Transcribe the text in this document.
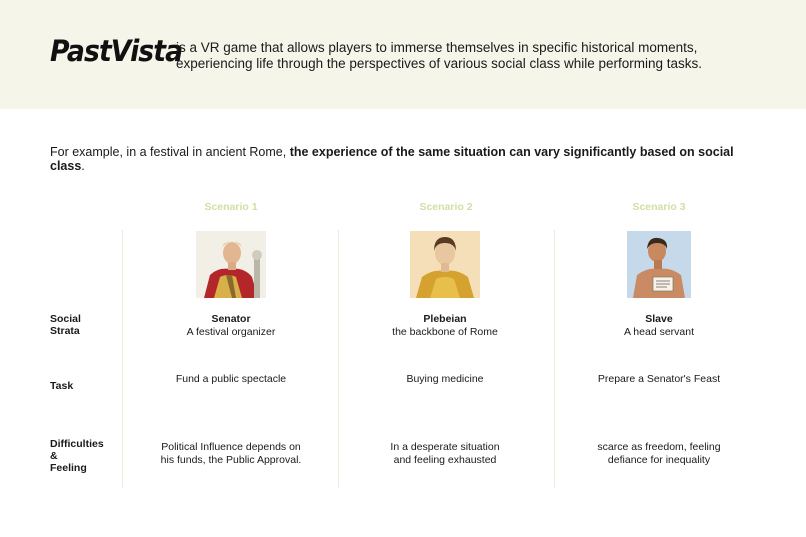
PastVista
is a VR game that allows players to immerse themselves in specific historical moments,
experiencing life through the perspectives of various social class while performing tasks.
For example, in a festival in ancient Rome, the experience of the same situation can vary significantly based on social class.
Scenario 1	Scenario 2	Scenario 3
Social
Strata
Task
Difficulties
&
Feeling
Senator
A festival organizer
Fund a public spectacle
Political Influence depends on
his funds, the Public Approval.
Plebeian
the backbone of Rome
Buying medicine
In a desperate situation
and feeling exhausted
Slave
A head servant
Prepare a Senator's Feast
scarce as freedom, feeling
defiance for inequality
